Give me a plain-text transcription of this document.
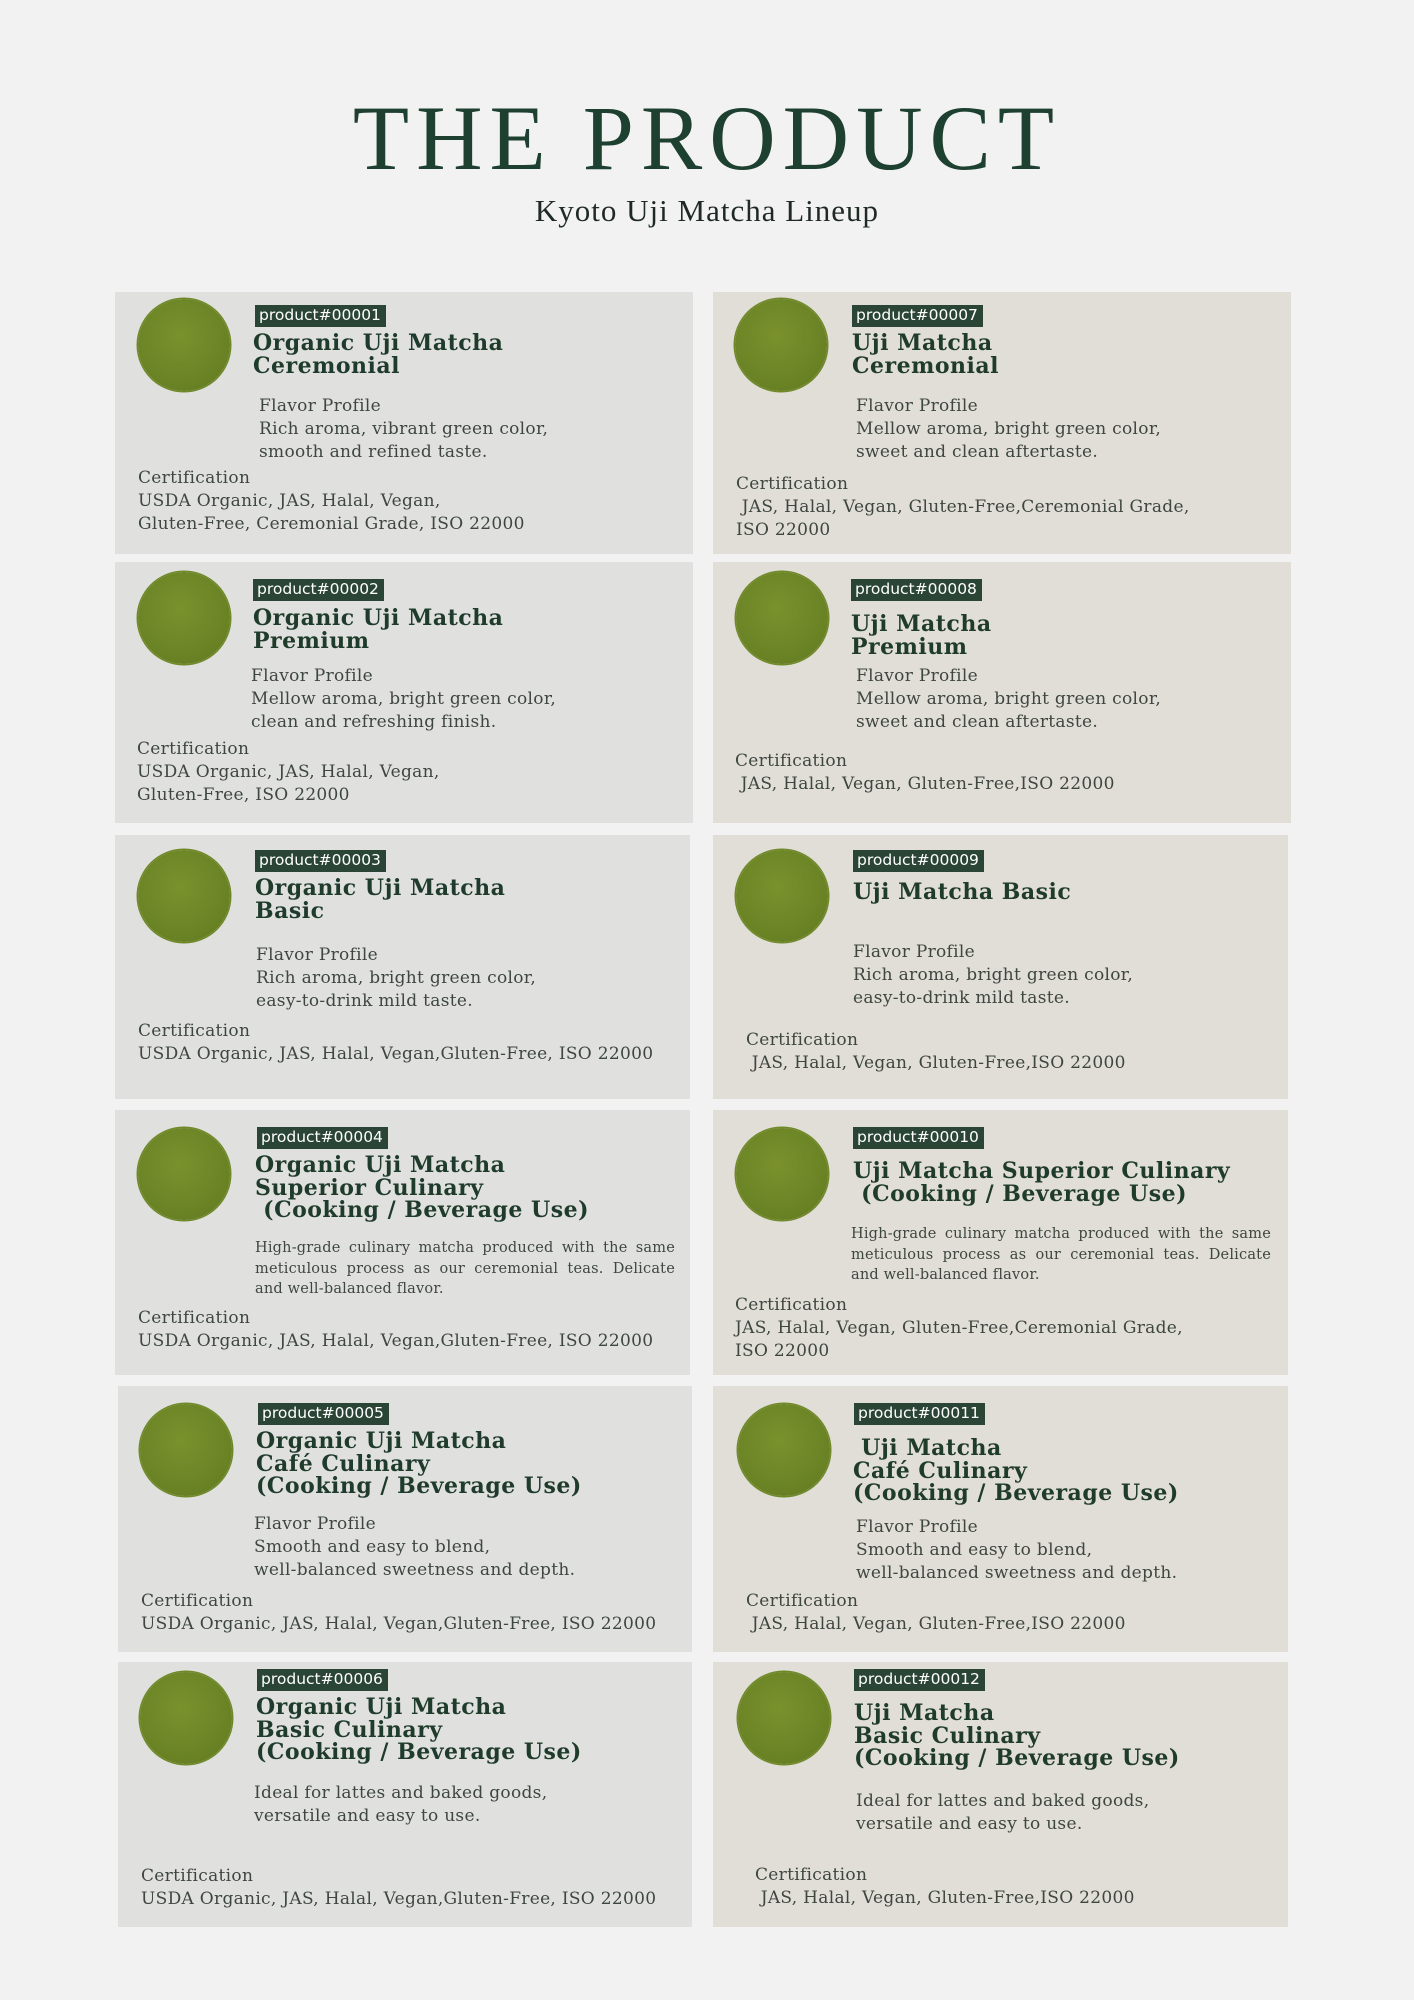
THE PRODUCT
Kyoto Uji Matcha Lineup
product#00001
Organic Uji Matcha
Ceremonial
Flavor Profile
Rich aroma, vibrant green color,
smooth and refined taste.
Certification
USDA Organic, JAS, Halal, Vegan,
Gluten-Free, Ceremonial Grade, ISO 22000
product#00002
Organic Uji Matcha
Premium
Flavor Profile
Mellow aroma, bright green color,
clean and refreshing finish.
Certification
USDA Organic, JAS, Halal, Vegan,
Gluten-Free, ISO 22000
product#00003
Organic Uji Matcha
Basic
Flavor Profile
Rich aroma, bright green color,
easy-to-drink mild taste.
Certification
USDA Organic, JAS, Halal, Vegan,Gluten-Free, ISO 22000
product#00004
Organic Uji Matcha
Superior Culinary
(Cooking / Beverage Use)
High-grade culinary matcha produced with the same meticulous process as our ceremonial teas. Delicate and well-balanced flavor.
Certification
USDA Organic, JAS, Halal, Vegan,Gluten-Free, ISO 22000
product#00005
Organic Uji Matcha
Café Culinary
(Cooking / Beverage Use)
Flavor Profile
Smooth and easy to blend,
well-balanced sweetness and depth.
Certification
USDA Organic, JAS, Halal, Vegan,Gluten-Free, ISO 22000
product#00006
Organic Uji Matcha
Basic Culinary
(Cooking / Beverage Use)
Ideal for lattes and baked goods,
versatile and easy to use.
Certification
USDA Organic, JAS, Halal, Vegan,Gluten-Free, ISO 22000
product#00007
Uji Matcha
Ceremonial
Flavor Profile
Mellow aroma, bright green color,
sweet and clean aftertaste.
Certification
JAS, Halal, Vegan, Gluten-Free,Ceremonial Grade,
ISO 22000
product#00008
Uji Matcha
Premium
Flavor Profile
Mellow aroma, bright green color,
sweet and clean aftertaste.
Certification
JAS, Halal, Vegan, Gluten-Free,ISO 22000
product#00009
Uji Matcha Basic
Flavor Profile
Rich aroma, bright green color,
easy-to-drink mild taste.
Certification
JAS, Halal, Vegan, Gluten-Free,ISO 22000
product#00010
Uji Matcha Superior Culinary
(Cooking / Beverage Use)
High-grade culinary matcha produced with the same meticulous process as our ceremonial teas. Delicate and well-balanced flavor.
Certification
JAS, Halal, Vegan, Gluten-Free,Ceremonial Grade,
ISO 22000
product#00011
Uji Matcha
Café Culinary
(Cooking / Beverage Use)
Flavor Profile
Smooth and easy to blend,
well-balanced sweetness and depth.
Certification
JAS, Halal, Vegan, Gluten-Free,ISO 22000
product#00012
Uji Matcha
Basic Culinary
(Cooking / Beverage Use)
Ideal for lattes and baked goods,
versatile and easy to use.
Certification
JAS, Halal, Vegan, Gluten-Free,ISO 22000
